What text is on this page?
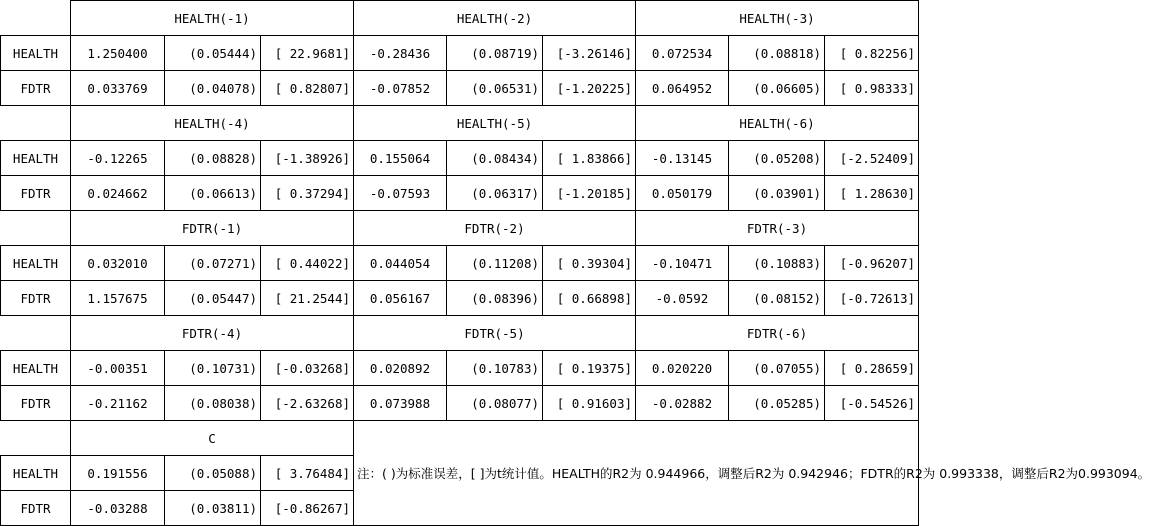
	HEALTH(-1)			HEALTH(-2)			HEALTH(-3)		
HEALTH	1.250400	(0.05444)	[ 22.9681]	-0.28436	(0.08719)	[-3.26146]	0.072534	(0.08818)	[ 0.82256]
FDTR	0.033769	(0.04078)	[ 0.82807]	-0.07852	(0.06531)	[-1.20225]	0.064952	(0.06605)	[ 0.98333]
	HEALTH(-4)			HEALTH(-5)			HEALTH(-6)		
HEALTH	-0.12265	(0.08828)	[-1.38926]	0.155064	(0.08434)	[ 1.83866]	-0.13145	(0.05208)	[-2.52409]
FDTR	0.024662	(0.06613)	[ 0.37294]	-0.07593	(0.06317)	[-1.20185]	0.050179	(0.03901)	[ 1.28630]
	FDTR(-1)			FDTR(-2)			FDTR(-3)		
HEALTH	0.032010	(0.07271)	[ 0.44022]	0.044054	(0.11208)	[ 0.39304]	-0.10471	(0.10883)	[-0.96207]
FDTR	1.157675	(0.05447)	[ 21.2544]	0.056167	(0.08396)	[ 0.66898]	-0.0592	(0.08152)	[-0.72613]
	FDTR(-4)			FDTR(-5)			FDTR(-6)		
HEALTH	-0.00351	(0.10731)	[-0.03268]	0.020892	(0.10783)	[ 0.19375]	0.020220	(0.07055)	[ 0.28659]
FDTR	-0.21162	(0.08038)	[-2.63268]	0.073988	(0.08077)	[ 0.91603]	-0.02882	(0.05285)	[-0.54526]
	C			注：( )为标准误差，[ ]为t统计值。HEALTH的R2为 0.944966，调整后R2为 0.942946；FDTR的R2为 0.993338，调整后R2为0.993094。					
HEALTH	0.191556	(0.05088)	[ 3.76484]						
FDTR	-0.03288	(0.03811)	[-0.86267]						
